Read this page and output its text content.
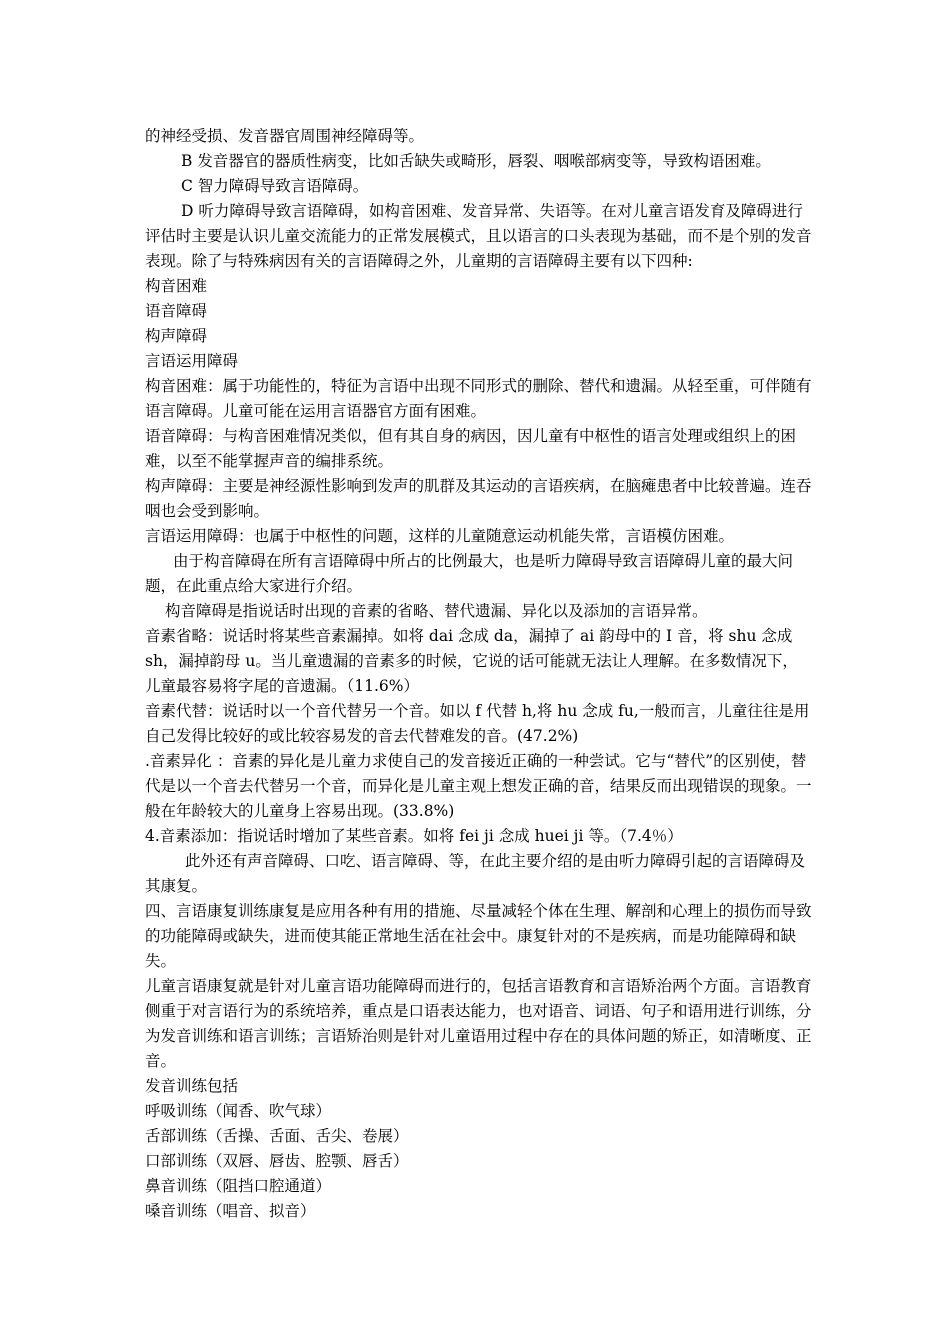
的神经受损、发音器官周围神经障碍等。

B 发音器官的器质性病变，比如舌缺失或畸形，唇裂、咽喉部病变等，导致构语困难。

C 智力障碍导致言语障碍。

D 听力障碍导致言语障碍，如构音困难、发音异常、失语等。在对儿童言语发育及障碍进行评估时主要是认识儿童交流能力的正常发展模式，且以语言的口头表现为基础，而不是个别的发音表现。除了与特殊病因有关的言语障碍之外，儿童期的言语障碍主要有以下四种:

构音困难

语音障碍

构声障碍

言语运用障碍

构音困难：属于功能性的，特征为言语中出现不同形式的删除、替代和遗漏。从轻至重，可伴随有语言障碍。儿童可能在运用言语器官方面有困难。

语音障碍：与构音困难情况类似，但有其自身的病因，因儿童有中枢性的语言处理或组织上的困难，以至不能掌握声音的编排系统。

构声障碍：主要是神经源性影响到发声的肌群及其运动的言语疾病，在脑瘫患者中比较普遍。连吞咽也会受到影响。

言语运用障碍：也属于中枢性的问题，这样的儿童随意运动机能失常，言语模仿困难。

由于构音障碍在所有言语障碍中所占的比例最大，也是听力障碍导致言语障碍儿童的最大问题，在此重点给大家进行介绍。

构音障碍是指说话时出现的音素的省略、替代遗漏、异化以及添加的言语异常。

音素省略：说话时将某些音素漏掉。如将 dai 念成 da，漏掉了 ai 韵母中的 I 音，将 shu 念成 sh，漏掉韵母 u。当儿童遗漏的音素多的时候，它说的话可能就无法让人理解。在多数情况下，儿童最容易将字尾的音遗漏。（11.6%）

音素代替：说话时以一个音代替另一个音。如以 f 代替 h,将 hu 念成 fu,一般而言，儿童往往是用自己发得比较好的或比较容易发的音去代替难发的音。(47.2%)

.音素异化 ：音素的异化是儿童力求使自己的发音接近正确的一种尝试。它与“替代”的区别使，替代是以一个音去代替另一个音，而异化是儿童主观上想发正确的音，结果反而出现错误的现象。一般在年龄较大的儿童身上容易出现。(33.8%)

4.音素添加：指说话时增加了某些音素。如将 fei ji 念成 huei ji 等。（7.4％）

此外还有声音障碍、口吃、语言障碍、等，在此主要介绍的是由听力障碍引起的言语障碍及其康复。

四、言语康复训练康复是应用各种有用的措施、尽量减轻个体在生理、解剖和心理上的损伤而导致的功能障碍或缺失，进而使其能正常地生活在社会中。康复针对的不是疾病，而是功能障碍和缺失。

儿童言语康复就是针对儿童言语功能障碍而进行的，包括言语教育和言语矫治两个方面。言语教育侧重于对言语行为的系统培养，重点是口语表达能力，也对语音、词语、句子和语用进行训练，分为发音训练和语言训练；言语矫治则是针对儿童语用过程中存在的具体问题的矫正，如清晰度、正音。

发音训练包括

呼吸训练（闻香、吹气球）

舌部训练（舌操、舌面、舌尖、卷展）

口部训练（双唇、唇齿、腔颚、唇舌）

鼻音训练（阻挡口腔通道）

嗓音训练（唱音、拟音）
